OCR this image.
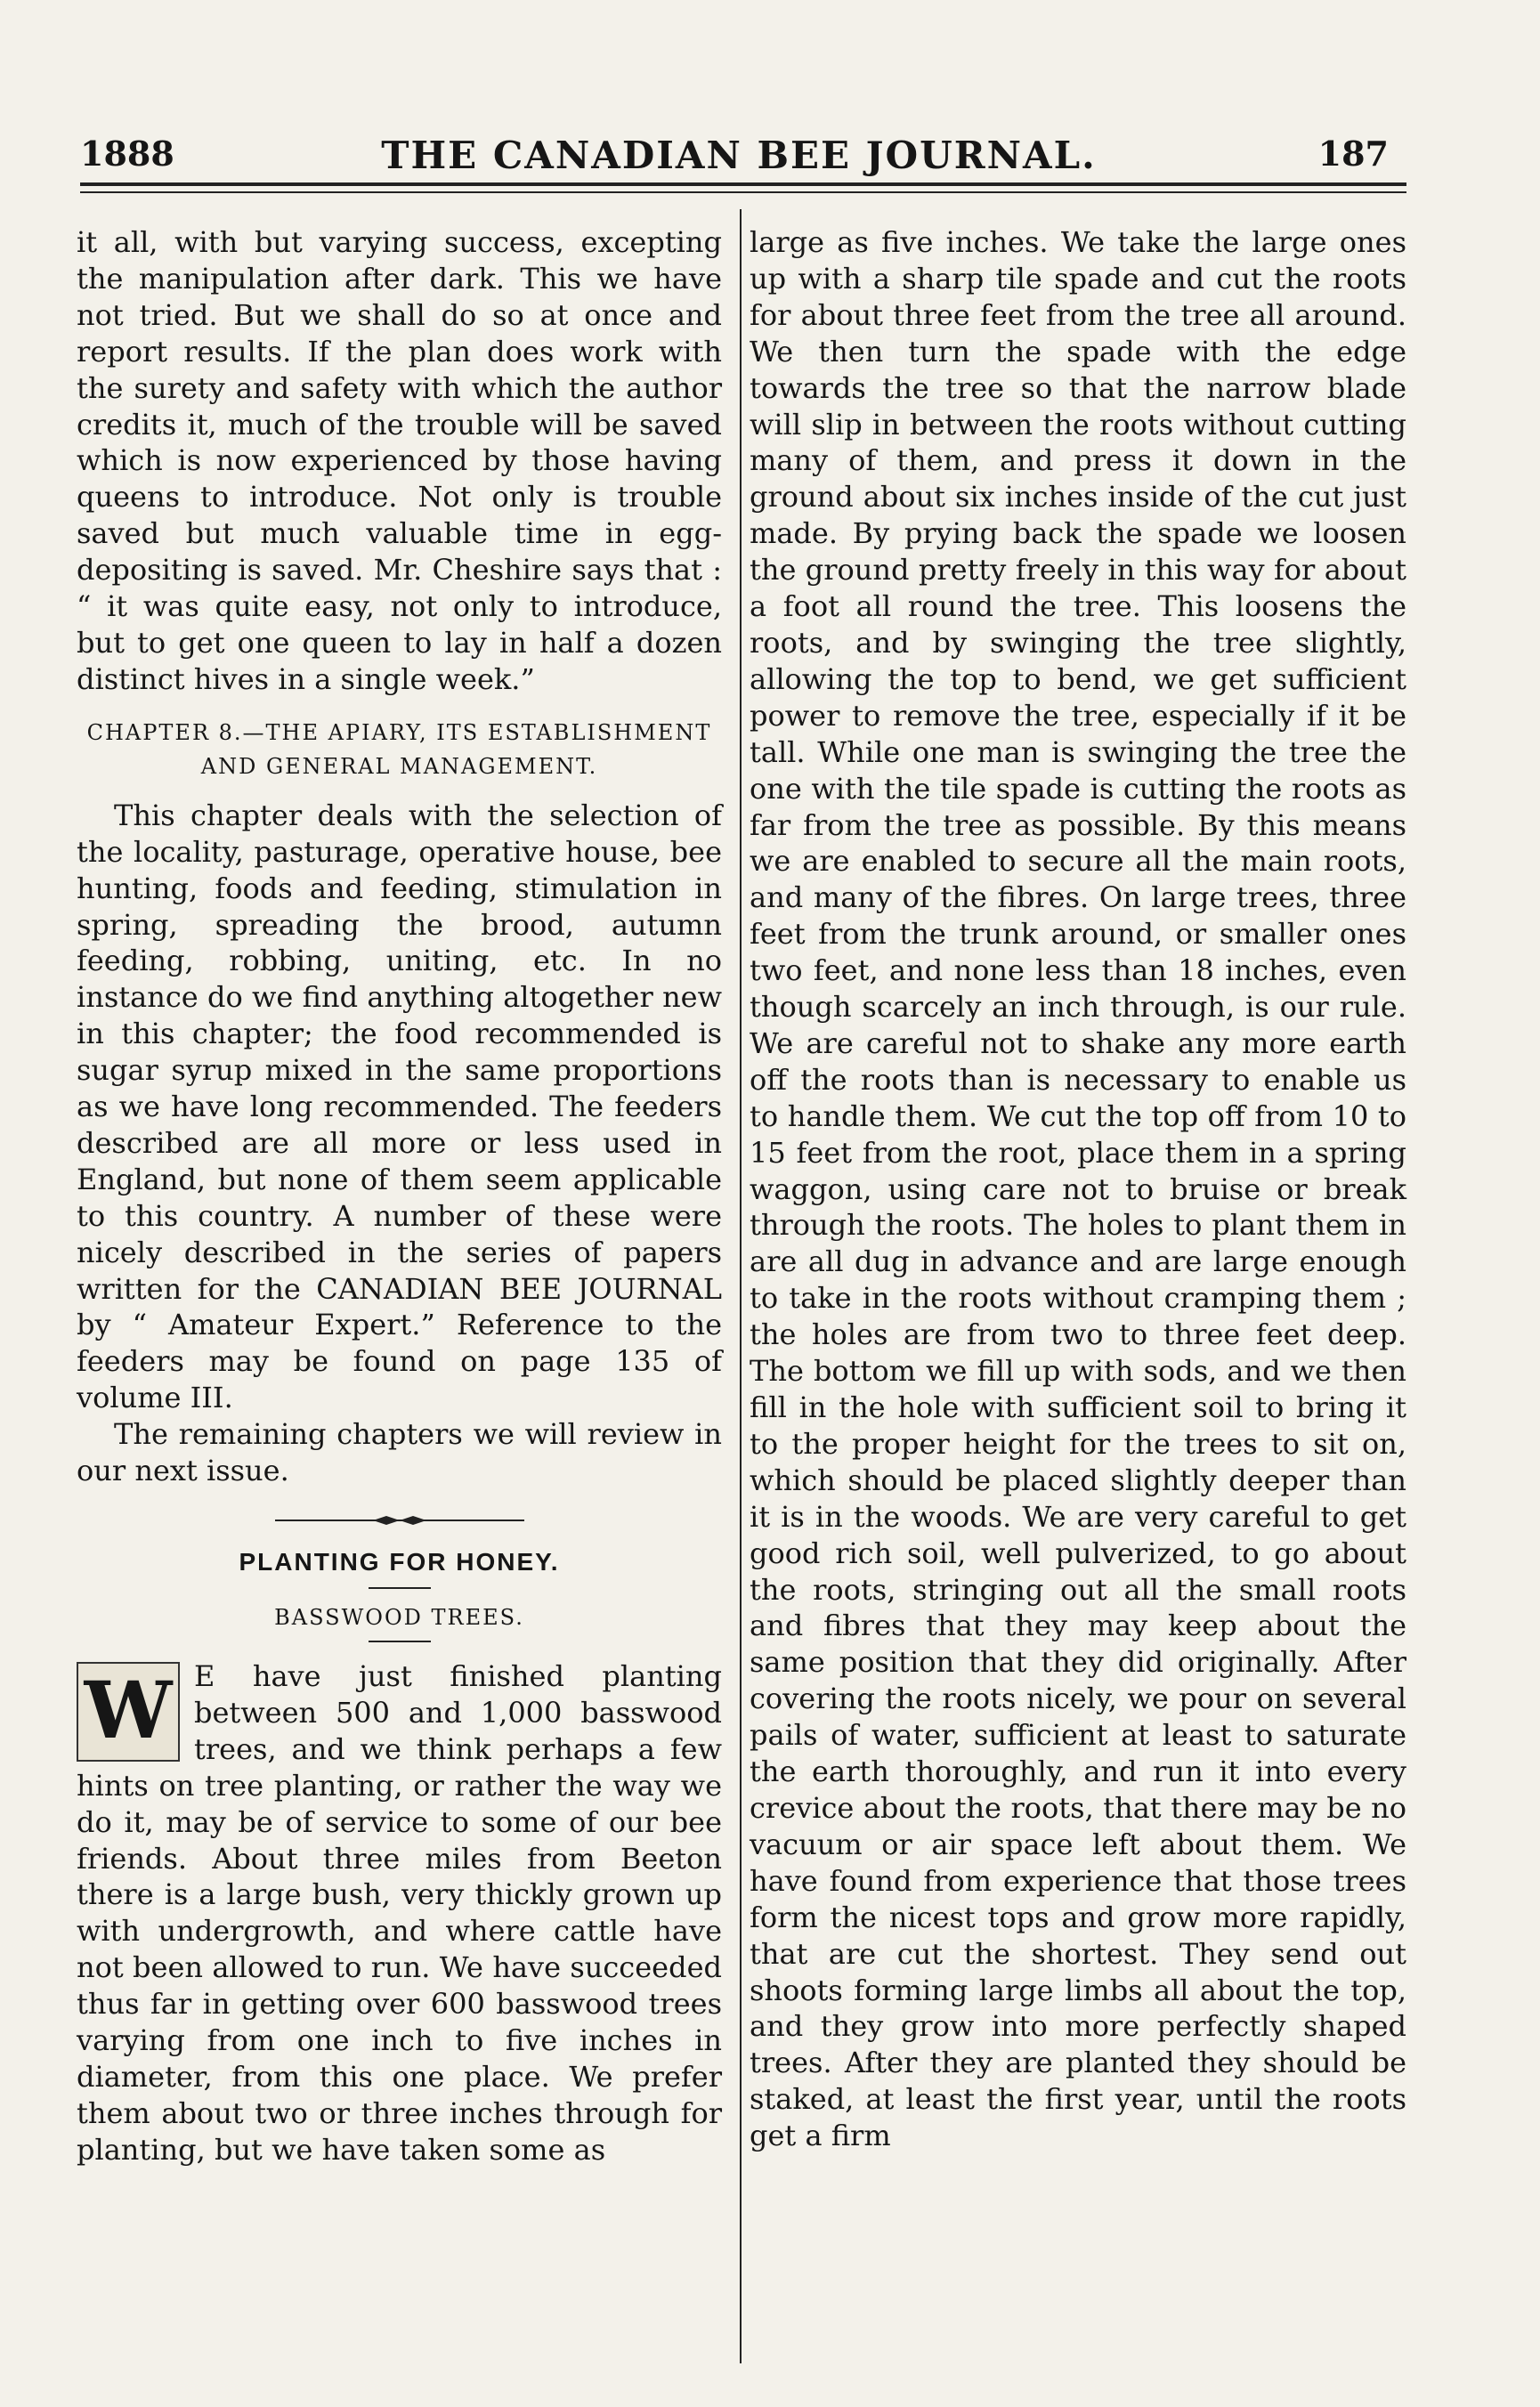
1888	THE CANADIAN BEE JOURNAL.	187

it all, with but varying success, excepting the manipulation after dark. This we have not tried. But we shall do so at once and report results. If the plan does work with the surety and safety with which the author credits it, much of the trouble will be saved which is now experienced by those having queens to introduce. Not only is trouble saved but much valuable time in egg-depositing is saved. Mr. Cheshire says that : “ it was quite easy, not only to introduce, but to get one queen to lay in half a dozen distinct hives in a single week.”

CHAPTER 8.—THE APIARY, ITS ESTABLISHMENT AND GENERAL MANAGEMENT.

This chapter deals with the selection of the locality, pasturage, operative house, bee hunting, foods and feeding, stimulation in spring, spreading the brood, autumn feeding, robbing, uniting, etc. In no instance do we find anything altogether new in this chapter; the food recommended is sugar syrup mixed in the same proportions as we have long recommended. The feeders described are all more or less used in England, but none of them seem applicable to this country. A number of these were nicely described in the series of papers written for the CANADIAN BEE JOURNAL by “ Amateur Expert.” Reference to the feeders may be found on page 135 of volume III.

The remaining chapters we will review in our next issue.

PLANTING FOR HONEY.
BASSWOOD TREES.
W E have just finished planting between 500 and 1,000 basswood trees, and we think perhaps a few hints on tree planting, or rather the way we do it, may be of service to some of our bee friends. About three miles from Beeton there is a large bush, very thickly grown up with undergrowth, and where cattle have not been allowed to run. We have succeeded thus far in getting over 600 basswood trees varying from one inch to five inches in diameter, from this one place. We prefer them about two or three inches through for planting, but we have taken some as

large as five inches. We take the large ones up with a sharp tile spade and cut the roots for about three feet from the tree all around. We then turn the spade with the edge towards the tree so that the narrow blade will slip in between the roots without cutting many of them, and press it down in the ground about six inches inside of the cut just made. By prying back the spade we loosen the ground pretty freely in this way for about a foot all round the tree. This loosens the roots, and by swinging the tree slightly, allowing the top to bend, we get sufficient power to remove the tree, especially if it be tall. While one man is swinging the tree the one with the tile spade is cutting the roots as far from the tree as possible. By this means we are enabled to secure all the main roots, and many of the fibres. On large trees, three feet from the trunk around, or smaller ones two feet, and none less than 18 inches, even though scarcely an inch through, is our rule. We are careful not to shake any more earth off the roots than is necessary to enable us to handle them. We cut the top off from 10 to 15 feet from the root, place them in a spring waggon, using care not to bruise or break through the roots. The holes to plant them in are all dug in advance and are large enough to take in the roots without cramping them ; the holes are from two to three feet deep. The bottom we fill up with sods, and we then fill in the hole with sufficient soil to bring it to the proper height for the trees to sit on, which should be placed slightly deeper than it is in the woods. We are very careful to get good rich soil, well pulverized, to go about the roots, stringing out all the small roots and fibres that they may keep about the same position that they did originally. After covering the roots nicely, we pour on several pails of water, sufficient at least to saturate the earth thoroughly, and run it into every crevice about the roots, that there may be no vacuum or air space left about them. We have found from experience that those trees form the nicest tops and grow more rapidly, that are cut the shortest. They send out shoots forming large limbs all about the top, and they grow into more perfectly shaped trees. After they are planted they should be staked, at least the first year, until the roots get a firm
